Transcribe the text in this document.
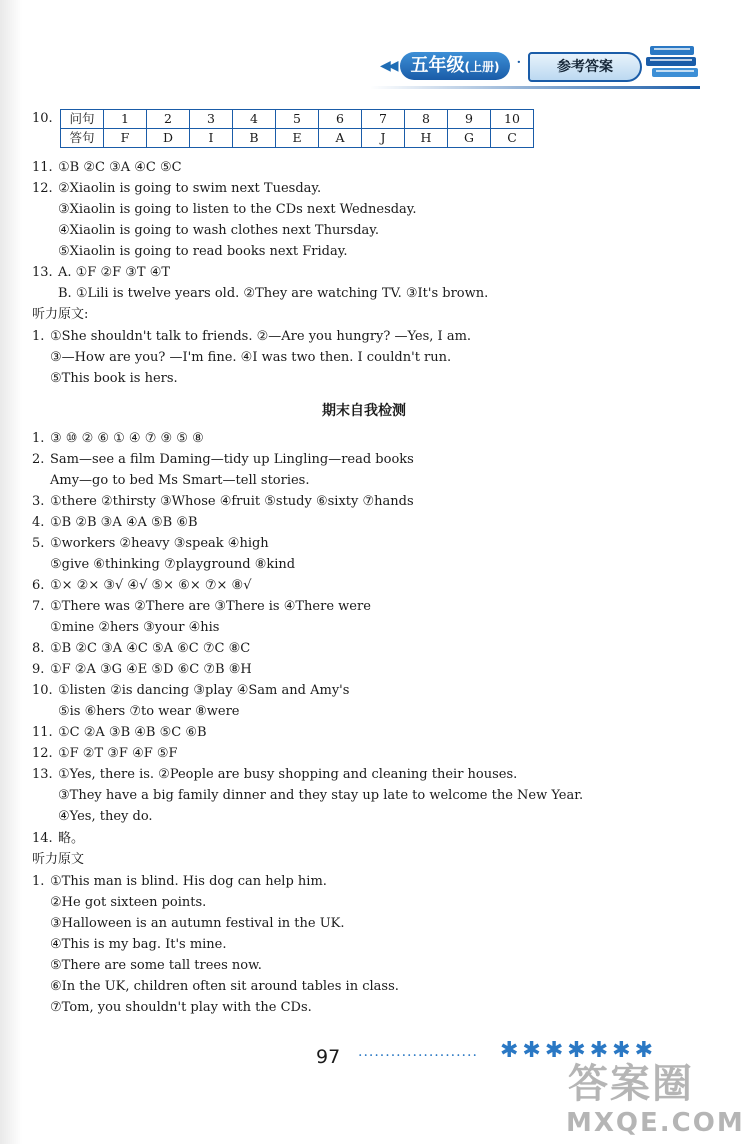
◀◀ 五年级(上册) ·	参考答案
10. 问句	1	2	3	4	5	6	7	8	9	10
答句	F	D	I	B	E	A	J	H	G	C
11. ①B ②C ③A ④C ⑤C
12. ②Xiaolin is going to swim next Tuesday.
③Xiaolin is going to listen to the CDs next Wednesday.
④Xiaolin is going to wash clothes next Thursday.
⑤Xiaolin is going to read books next Friday.
13. A. ①F ②F ③T ④T
B. ①Lili is twelve years old. ②They are watching TV. ③It's brown.
听力原文:
1. ①She shouldn't talk to friends. ②—Are you hungry? —Yes, I am.
③—How are you? —I'm fine. ④I was two then. I couldn't run.
⑤This book is hers.
期末自我检测
1. ③ ⑩ ② ⑥ ① ④ ⑦ ⑨ ⑤ ⑧
2. Sam—see a film Daming—tidy up Lingling—read books
Amy—go to bed Ms Smart—tell stories.
3. ①there ②thirsty ③Whose ④fruit ⑤study ⑥sixty ⑦hands
4. ①B ②B ③A ④A ⑤B ⑥B
5. ①workers ②heavy ③speak ④high
⑤give ⑥thinking ⑦playground ⑧kind
6. ①× ②× ③√ ④√ ⑤× ⑥× ⑦× ⑧√
7. ①There was ②There are ③There is ④There were
①mine ②hers ③your ④his
8. ①B ②C ③A ④C ⑤A ⑥C ⑦C ⑧C
9. ①F ②A ③G ④E ⑤D ⑥C ⑦B ⑧H
10. ①listen ②is dancing ③play ④Sam and Amy's
⑤is ⑥hers ⑦to wear ⑧were
11. ①C ②A ③B ④B ⑤C ⑥B
12. ①F ②T ③F ④F ⑤F
13. ①Yes, there is. ②People are busy shopping and cleaning their houses.
③They have a big family dinner and they stay up late to welcome the New Year.
④Yes, they do.
14. 略。
听力原文
1. ①This man is blind. His dog can help him.
②He got sixteen points.
③Halloween is an autumn festival in the UK.
④This is my bag. It's mine.
⑤There are some tall trees now.
⑥In the UK, children often sit around tables in class.
⑦Tom, you shouldn't play with the CDs.
97 ...................... ✱✱✱✱✱✱✱
答案圈
MXQE.COM
